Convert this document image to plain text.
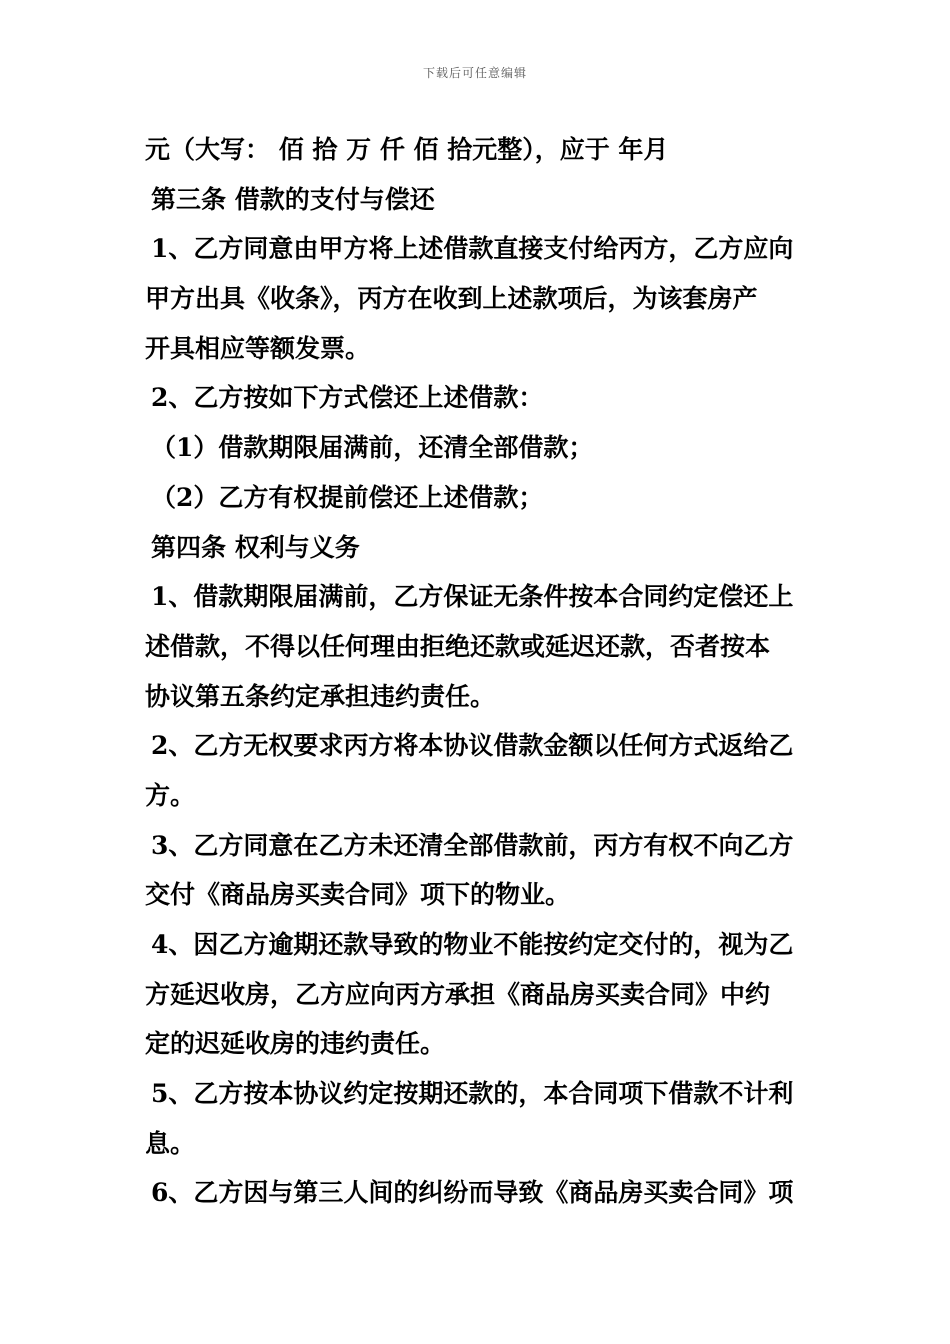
下载后可任意编辑
元（大写： 佰 拾 万 仟 佰 拾元整），应于 年月
第三条 借款的支付与偿还
1、乙方同意由甲方将上述借款直接支付给丙方，乙方应向
甲方出具《收条》，丙方在收到上述款项后，为该套房产
开具相应等额发票。
2、乙方按如下方式偿还上述借款：
（1）借款期限届满前，还清全部借款；
（2）乙方有权提前偿还上述借款；
第四条 权利与义务
1、借款期限届满前，乙方保证无条件按本合同约定偿还上
述借款，不得以任何理由拒绝还款或延迟还款，否者按本
协议第五条约定承担违约责任。
2、乙方无权要求丙方将本协议借款金额以任何方式返给乙
方。
3、乙方同意在乙方未还清全部借款前，丙方有权不向乙方
交付《商品房买卖合同》项下的物业。
4、因乙方逾期还款导致的物业不能按约定交付的，视为乙
方延迟收房，乙方应向丙方承担《商品房买卖合同》中约
定的迟延收房的违约责任。
5、乙方按本协议约定按期还款的，本合同项下借款不计利
息。
6、乙方因与第三人间的纠纷而导致《商品房买卖合同》项
